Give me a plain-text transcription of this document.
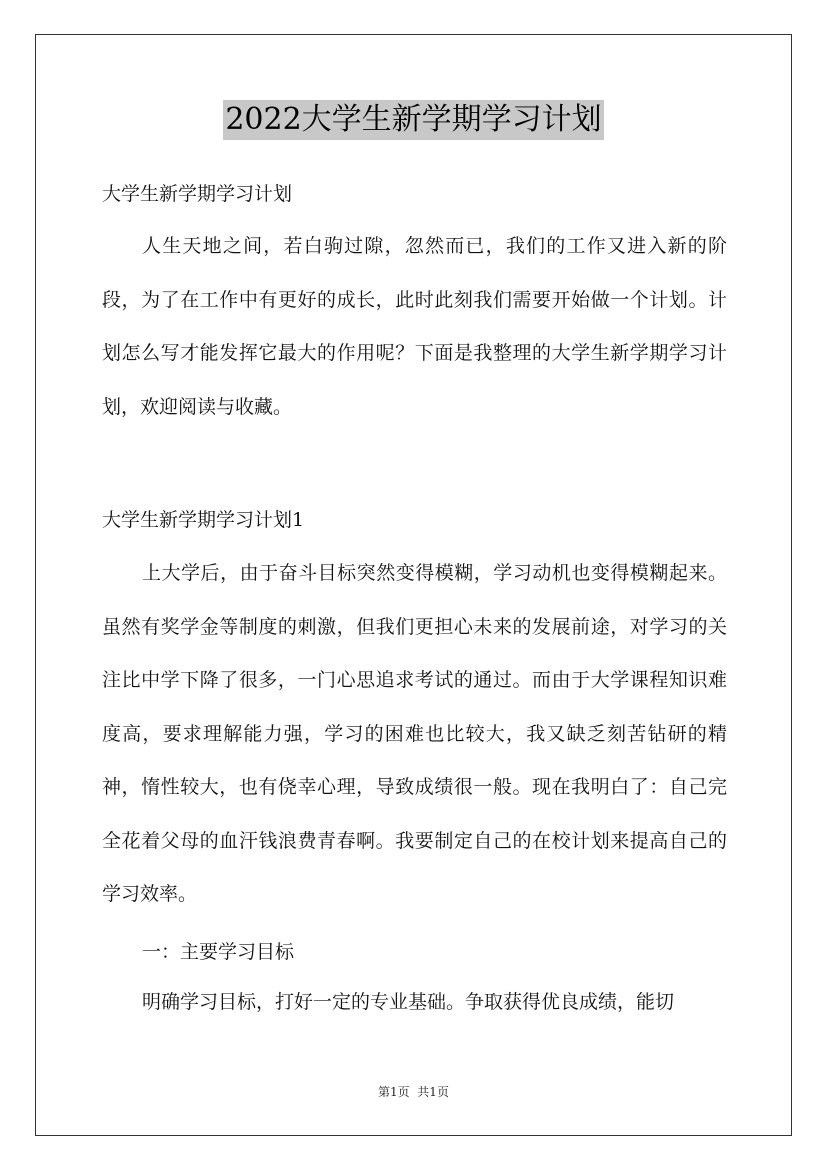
2022大学生新学期学习计划

大学生新学期学习计划

人生天地之间，若白驹过隙，忽然而已，我们的工作又进入新的阶段，为了在工作中有更好的成长，此时此刻我们需要开始做一个计划。计划怎么写才能发挥它最大的作用呢？下面是我整理的大学生新学期学习计划，欢迎阅读与收藏。

大学生新学期学习计划1

上大学后，由于奋斗目标突然变得模糊，学习动机也变得模糊起来。虽然有奖学金等制度的刺激，但我们更担心未来的发展前途，对学习的关注比中学下降了很多，一门心思追求考试的通过。而由于大学课程知识难度高，要求理解能力强，学习的困难也比较大，我又缺乏刻苦钻研的精神，惰性较大，也有侥幸心理，导致成绩很一般。现在我明白了：自己完全花着父母的血汗钱浪费青春啊。我要制定自己的在校计划来提高自己的学习效率。

一：主要学习目标

明确学习目标，打好一定的专业基础。争取获得优良成绩，能切

第1页  共1页
